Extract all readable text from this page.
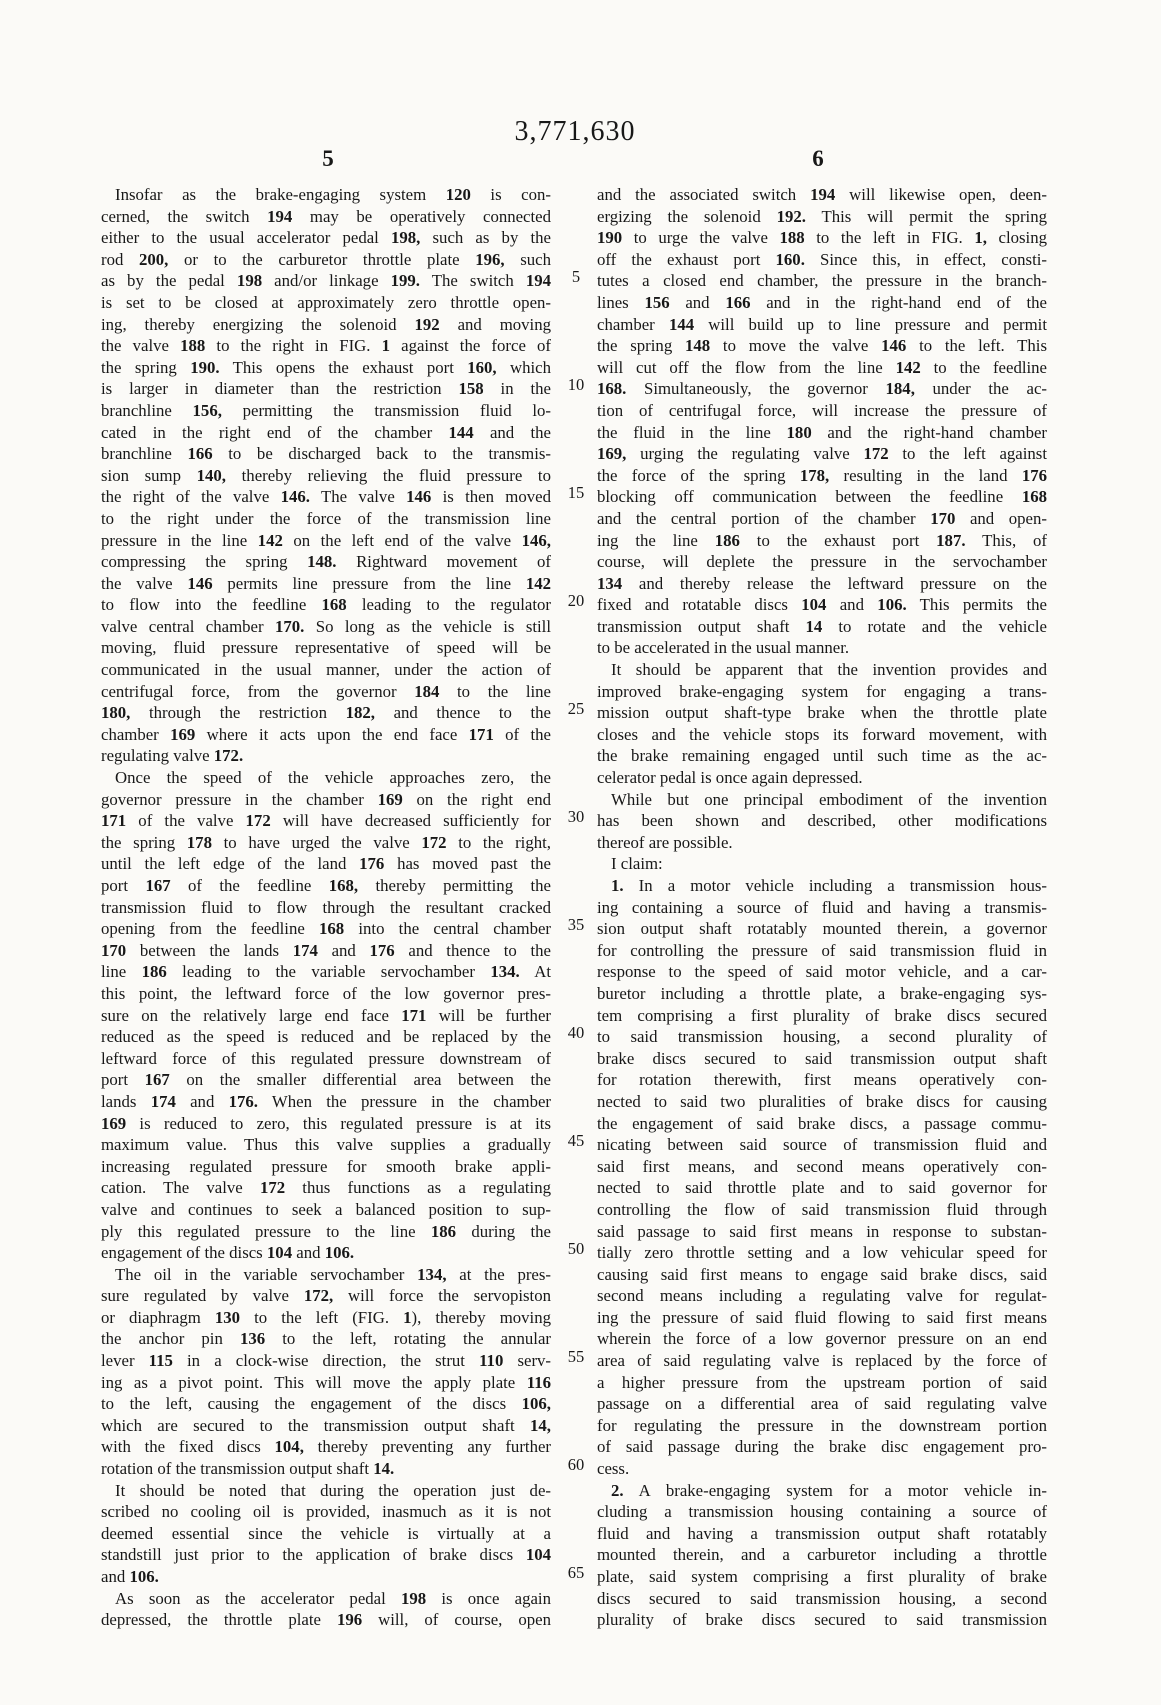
3,771,630
5	6
Insofar as the brake-engaging system 120 is con-
cerned, the switch 194 may be operatively connected
either to the usual accelerator pedal 198, such as by the
rod 200, or to the carburetor throttle plate 196, such
as by the pedal 198 and/or linkage 199. The switch 194
is set to be closed at approximately zero throttle open-
ing, thereby energizing the solenoid 192 and moving
the valve 188 to the right in FIG. 1 against the force of
the spring 190. This opens the exhaust port 160, which
is larger in diameter than the restriction 158 in the
branchline 156, permitting the transmission fluid lo-
cated in the right end of the chamber 144 and the
branchline 166 to be discharged back to the transmis-
sion sump 140, thereby relieving the fluid pressure to
the right of the valve 146. The valve 146 is then moved
to the right under the force of the transmission line
pressure in the line 142 on the left end of the valve 146,
compressing the spring 148. Rightward movement of
the valve 146 permits line pressure from the line 142
to flow into the feedline 168 leading to the regulator
valve central chamber 170. So long as the vehicle is still
moving, fluid pressure representative of speed will be
communicated in the usual manner, under the action of
centrifugal force, from the governor 184 to the line
180, through the restriction 182, and thence to the
chamber 169 where it acts upon the end face 171 of the
regulating valve 172.
Once the speed of the vehicle approaches zero, the
governor pressure in the chamber 169 on the right end
171 of the valve 172 will have decreased sufficiently for
the spring 178 to have urged the valve 172 to the right,
until the left edge of the land 176 has moved past the
port 167 of the feedline 168, thereby permitting the
transmission fluid to flow through the resultant cracked
opening from the feedline 168 into the central chamber
170 between the lands 174 and 176 and thence to the
line 186 leading to the variable servochamber 134. At
this point, the leftward force of the low governor pres-
sure on the relatively large end face 171 will be further
reduced as the speed is reduced and be replaced by the
leftward force of this regulated pressure downstream of
port 167 on the smaller differential area between the
lands 174 and 176. When the pressure in the chamber
169 is reduced to zero, this regulated pressure is at its
maximum value. Thus this valve supplies a gradually
increasing regulated pressure for smooth brake appli-
cation. The valve 172 thus functions as a regulating
valve and continues to seek a balanced position to sup-
ply this regulated pressure to the line 186 during the
engagement of the discs 104 and 106.
The oil in the variable servochamber 134, at the pres-
sure regulated by valve 172, will force the servopiston
or diaphragm 130 to the left (FIG. 1), thereby moving
the anchor pin 136 to the left, rotating the annular
lever 115 in a clock-wise direction, the strut 110 serv-
ing as a pivot point. This will move the apply plate 116
to the left, causing the engagement of the discs 106,
which are secured to the transmission output shaft 14,
with the fixed discs 104, thereby preventing any further
rotation of the transmission output shaft 14.
It should be noted that during the operation just de-
scribed no cooling oil is provided, inasmuch as it is not
deemed essential since the vehicle is virtually at a
standstill just prior to the application of brake discs 104
and 106.
As soon as the accelerator pedal 198 is once again
depressed, the throttle plate 196 will, of course, open
and the associated switch 194 will likewise open, deen-
ergizing the solenoid 192. This will permit the spring
190 to urge the valve 188 to the left in FIG. 1, closing
off the exhaust port 160. Since this, in effect, consti-
tutes a closed end chamber, the pressure in the branch-
lines 156 and 166 and in the right-hand end of the
chamber 144 will build up to line pressure and permit
the spring 148 to move the valve 146 to the left. This
will cut off the flow from the line 142 to the feedline
168. Simultaneously, the governor 184, under the ac-
tion of centrifugal force, will increase the pressure of
the fluid in the line 180 and the right-hand chamber
169, urging the regulating valve 172 to the left against
the force of the spring 178, resulting in the land 176
blocking off communication between the feedline 168
and the central portion of the chamber 170 and open-
ing the line 186 to the exhaust port 187. This, of
course, will deplete the pressure in the servochamber
134 and thereby release the leftward pressure on the
fixed and rotatable discs 104 and 106. This permits the
transmission output shaft 14 to rotate and the vehicle
to be accelerated in the usual manner.
It should be apparent that the invention provides and
improved brake-engaging system for engaging a trans-
mission output shaft-type brake when the throttle plate
closes and the vehicle stops its forward movement, with
the brake remaining engaged until such time as the ac-
celerator pedal is once again depressed.
While but one principal embodiment of the invention
has been shown and described, other modifications
thereof are possible.
I claim:
1. In a motor vehicle including a transmission hous-
ing containing a source of fluid and having a transmis-
sion output shaft rotatably mounted therein, a governor
for controlling the pressure of said transmission fluid in
response to the speed of said motor vehicle, and a car-
buretor including a throttle plate, a brake-engaging sys-
tem comprising a first plurality of brake discs secured
to said transmission housing, a second plurality of
brake discs secured to said transmission output shaft
for rotation therewith, first means operatively con-
nected to said two pluralities of brake discs for causing
the engagement of said brake discs, a passage commu-
nicating between said source of transmission fluid and
said first means, and second means operatively con-
nected to said throttle plate and to said governor for
controlling the flow of said transmission fluid through
said passage to said first means in response to substan-
tially zero throttle setting and a low vehicular speed for
causing said first means to engage said brake discs, said
second means including a regulating valve for regulat-
ing the pressure of said fluid flowing to said first means
wherein the force of a low governor pressure on an end
area of said regulating valve is replaced by the force of
a higher pressure from the upstream portion of said
passage on a differential area of said regulating valve
for regulating the pressure in the downstream portion
of said passage during the brake disc engagement pro-
cess.
2. A brake-engaging system for a motor vehicle in-
cluding a transmission housing containing a source of
fluid and having a transmission output shaft rotatably
mounted therein, and a carburetor including a throttle
plate, said system comprising a first plurality of brake
discs secured to said transmission housing, a second
plurality of brake discs secured to said transmission
5
10
15
20
25
30
35
40
45
50
55
60
65
